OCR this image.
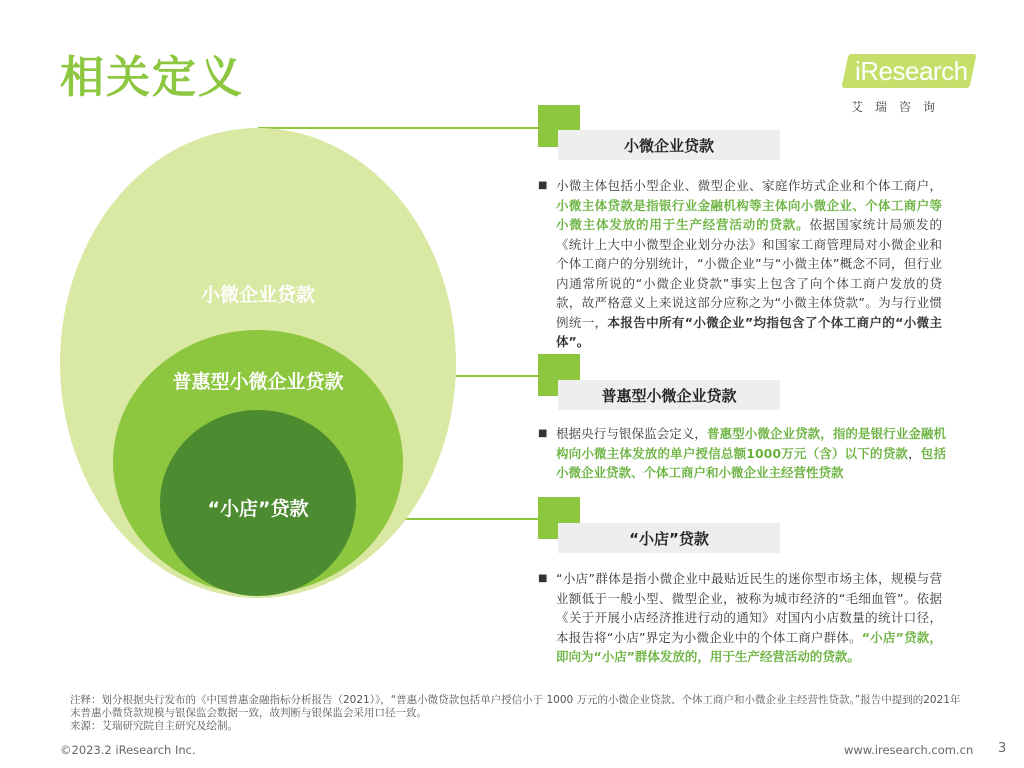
相关定义	iResearch
艾瑞咨询
小微企业贷款
普惠型小微企业贷款
“小店”贷款
小微企业贷款
■ 小微主体包括小型企业、微型企业、家庭作坊式企业和个体工商户，小微主体贷款是指银行业金融机构等主体向小微企业、个体工商户等小微主体发放的用于生产经营活动的贷款。依据国家统计局颁发的《统计上大中小微型企业划分办法》和国家工商管理局对小微企业和个体工商户的分别统计，“小微企业”与“小微主体”概念不同，但行业内通常所说的“小微企业贷款”事实上包含了向个体工商户发放的贷款，故严格意义上来说这部分应称之为“小微主体贷款”。为与行业惯例统一，本报告中所有“小微企业”均指包含了个体工商户的“小微主体”。
普惠型小微企业贷款
■ 根据央行与银保监会定义，普惠型小微企业贷款，指的是银行业金融机构向小微主体发放的单户授信总额1000万元（含）以下的贷款，包括小微企业贷款、个体工商户和小微企业主经营性贷款
“小店”贷款
■ “小店”群体是指小微企业中最贴近民生的迷你型市场主体，规模与营业额低于一般小型、微型企业，被称为城市经济的“毛细血管”。依据《关于开展小店经济推进行动的通知》对国内小店数量的统计口径，本报告将“小店”界定为小微企业中的个体工商户群体。“小店”贷款，即向为“小店”群体发放的，用于生产经营活动的贷款。
注释：划分根据央行发布的《中国普惠金融指标分析报告（2021）》，“普惠小微贷款包括单户授信小于 1000 万元的小微企业贷款、个体工商户和小微企业主经营性贷款。”报告中提到的2021年末普惠小微贷款规模与银保监会数据一致，故判断与银保监会采用口径一致。
来源：艾瑞研究院自主研究及绘制。
©2023.2 iResearch Inc.	www.iresearch.com.cn 3
